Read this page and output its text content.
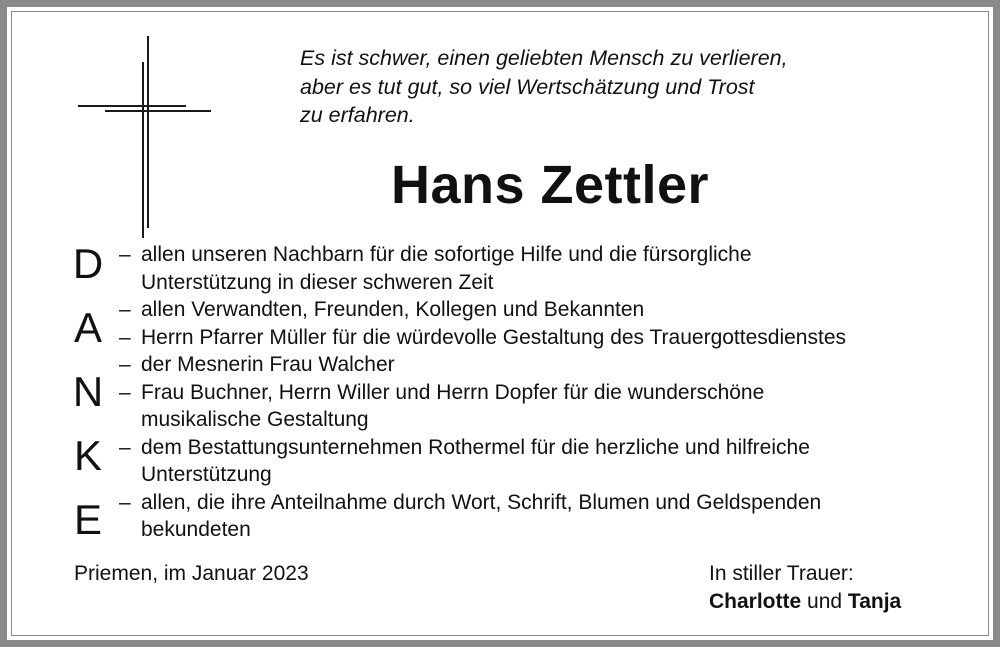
Es ist schwer, einen geliebten Mensch zu verlieren,
aber es tut gut, so viel Wertschätzung und Trost
zu erfahren.

Hans Zettler
D
A
N
K
E
– allen unseren Nachbarn für die sofortige Hilfe und die fürsorgliche
Unterstützung in dieser schweren Zeit
– allen Verwandten, Freunden, Kollegen und Bekannten
– Herrn Pfarrer Müller für die würdevolle Gestaltung des Trauergottesdienstes
– der Mesnerin Frau Walcher
– Frau Buchner, Herrn Willer und Herrn Dopfer für die wunderschöne
musikalische Gestaltung
– dem Bestattungsunternehmen Rothermel für die herzliche und hilfreiche
Unterstützung
– allen, die ihre Anteilnahme durch Wort, Schrift, Blumen und Geldspenden
bekundeten
Priemen, im Januar 2023	In stiller Trauer:
Charlotte und Tanja
